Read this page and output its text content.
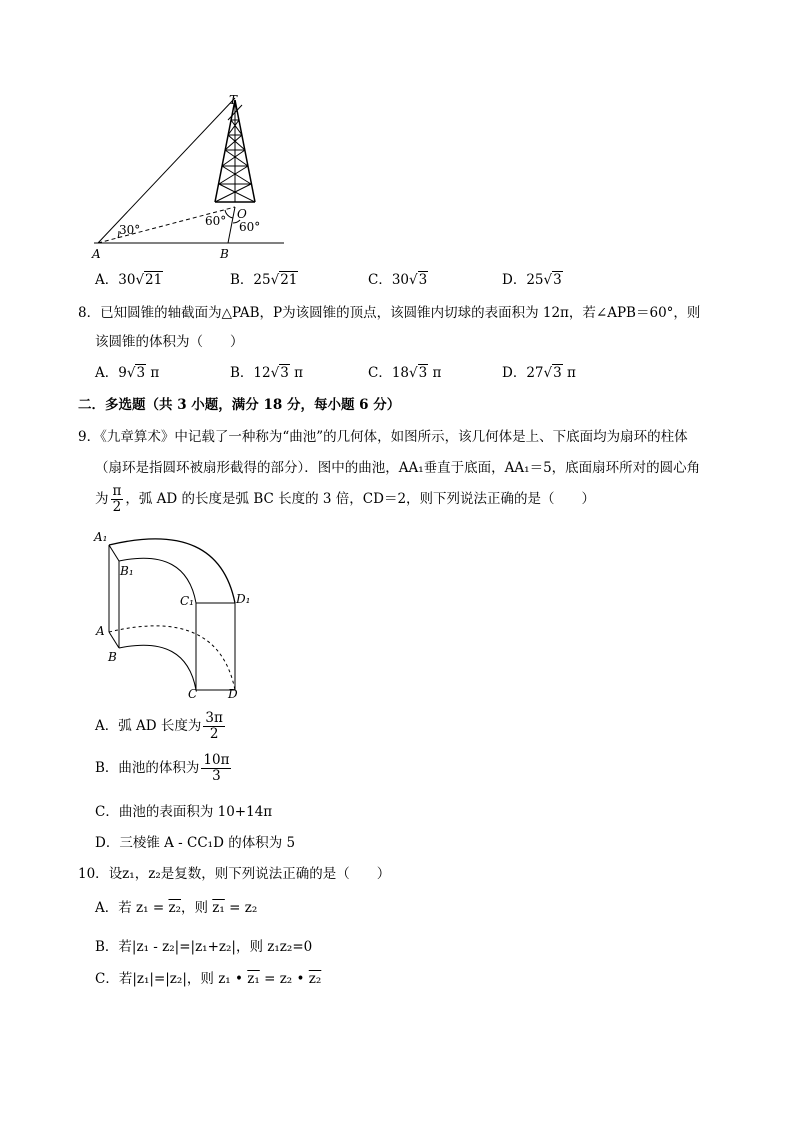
T
O
A	B
30°
60° 60°
A．30√21	B．25√21	C．30√3	D．25√3
8．已知圆锥的轴截面为△PAB，P为该圆锥的顶点，该圆锥内切球的表面积为 12π，若∠APB＝60°，则
该圆锥的体积为（　　）
A．9√3 π	B．12√3 π	C．18√3 π	D．27√3 π
二．多选题（共 3 小题，满分 18 分，每小题 6 分）
9．《九章算术》中记载了一种称为“曲池”的几何体，如图所示，该几何体是上、下底面均为扇环的柱体
（扇环是指圆环被扇形截得的部分）．图中的曲池，AA₁垂直于底面，AA₁＝5，底面扇环所对的圆心角
为 $\frac{\pi}{2}$ ，弧 AD 的长度是弧 BC 长度的 3 倍，CD＝2，则下列说法正确的是（　　）
A₁
B₁
C₁	D₁
A
B
C	D
A．弧 AD 长度为 $\frac{3\pi}{2}$
B．曲池的体积为 $\frac{10\pi}{3}$
C．曲池的表面积为 10+14π
D．三棱锥 A - CC₁D 的体积为 5
10．设z₁，z₂是复数，则下列说法正确的是（　　）
A．若 z₁ = z₂，则 z₁ = z₂
B．若|z₁ - z₂|=|z₁+z₂|，则 z₁z₂=0
C．若|z₁|=|z₂|，则 z₁ • z₁ = z₂ • z₂
